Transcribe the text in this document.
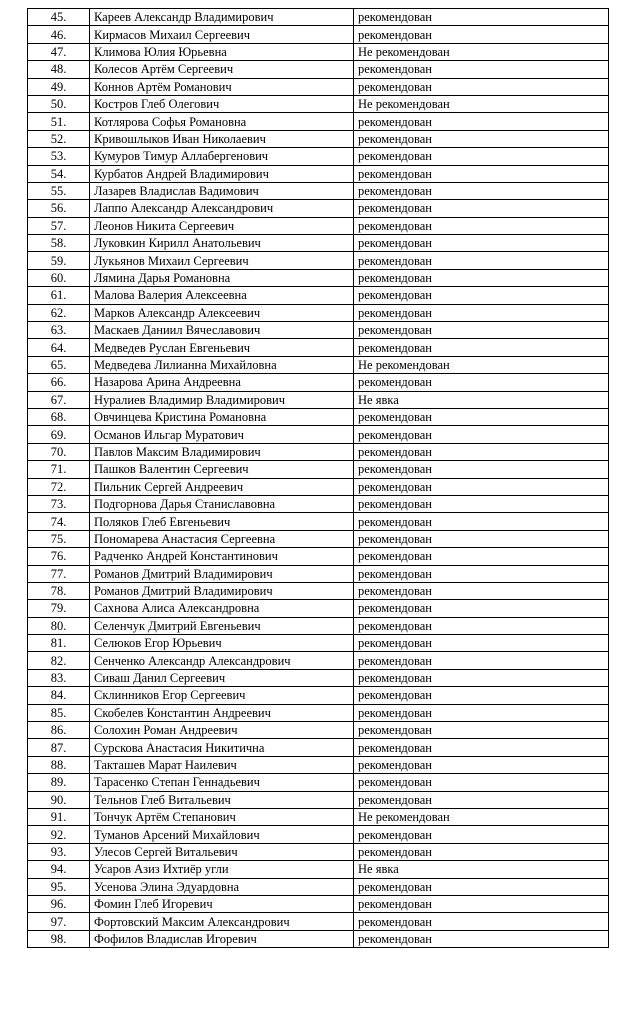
45.	Кареев Александр Владимирович	рекомендован
46.	Кирмасов Михаил Сергеевич	рекомендован
47.	Климова Юлия Юрьевна	Не рекомендован
48.	Колесов Артём Сергеевич	рекомендован
49.	Коннов Артём Романович	рекомендован
50.	Костров Глеб Олегович	Не рекомендован
51.	Котлярова Софья Романовна	рекомендован
52.	Кривошлыков Иван Николаевич	рекомендован
53.	Кумуров Тимур Аллабергенович	рекомендован
54.	Курбатов Андрей Владимирович	рекомендован
55.	Лазарев Владислав Вадимович	рекомендован
56.	Лаппо Александр Александрович	рекомендован
57.	Леонов Никита Сергеевич	рекомендован
58.	Луковкин Кирилл Анатольевич	рекомендован
59.	Лукьянов Михаил Сергеевич	рекомендован
60.	Лямина Дарья Романовна	рекомендован
61.	Малова Валерия Алексеевна	рекомендован
62.	Марков Александр Алексеевич	рекомендован
63.	Маскаев Даниил Вячеславович	рекомендован
64.	Медведев Руслан Евгеньевич	рекомендован
65.	Медведева Лилианна Михайловна	Не рекомендован
66.	Назарова Арина Андреевна	рекомендован
67.	Нуралиев Владимир Владимирович	Не явка
68.	Овчинцева Кристина Романовна	рекомендован
69.	Османов Ильгар Муратович	рекомендован
70.	Павлов Максим Владимирович	рекомендован
71.	Пашков Валентин Сергеевич	рекомендован
72.	Пильник Сергей Андреевич	рекомендован
73.	Подгорнова Дарья Станиславовна	рекомендован
74.	Поляков Глеб Евгеньевич	рекомендован
75.	Пономарева Анастасия Сергеевна	рекомендован
76.	Радченко Андрей Константинович	рекомендован
77.	Романов Дмитрий Владимирович	рекомендован
78.	Романов Дмитрий Владимирович	рекомендован
79.	Сахнова Алиса Александровна	рекомендован
80.	Селенчук Дмитрий Евгеньевич	рекомендован
81.	Селюков Егор Юрьевич	рекомендован
82.	Сенченко Александр Александрович	рекомендован
83.	Сиваш Данил Сергеевич	рекомендован
84.	Склинников Егор Сергеевич	рекомендован
85.	Скобелев Константин Андреевич	рекомендован
86.	Солохин Роман Андреевич	рекомендован
87.	Сурскова Анастасия Никитична	рекомендован
88.	Такташев Марат Наилевич	рекомендован
89.	Тарасенко Степан Геннадьевич	рекомендован
90.	Тельнов Глеб Витальевич	рекомендован
91.	Тончук Артём Степанович	Не рекомендован
92.	Туманов Арсений Михайлович	рекомендован
93.	Улесов Сергей Витальевич	рекомендован
94.	Усаров Азиз Ихтиёр угли	Не явка
95.	Усенова Элина Эдуардовна	рекомендован
96.	Фомин Глеб Игоревич	рекомендован
97.	Фортовский Максим Александрович	рекомендован
98.	Фофилов Владислав Игоревич	рекомендован
